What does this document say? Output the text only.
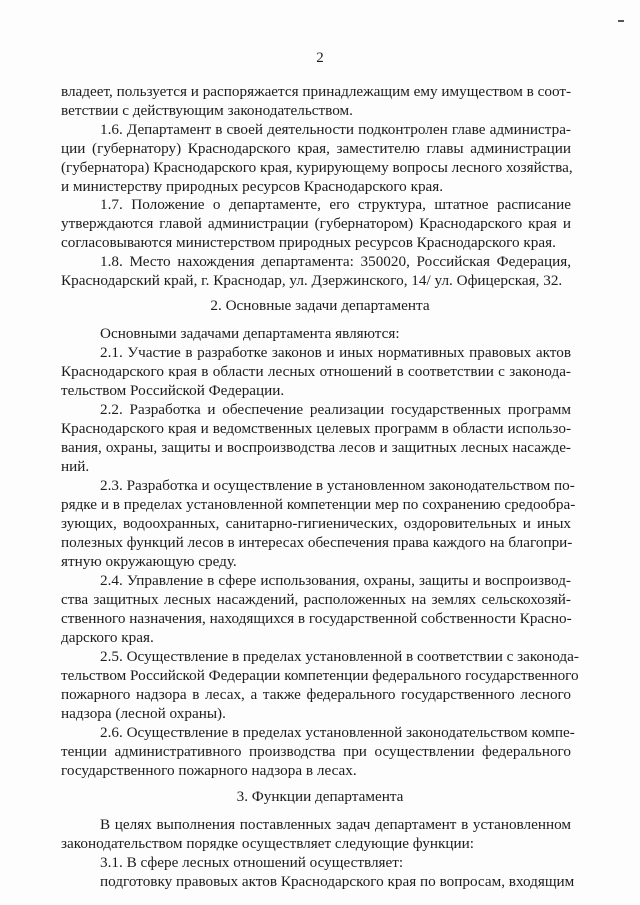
2
владеет, пользуется и распоряжается принадлежащим ему имуществом в соот-
ветствии с действующим законодательством.
1.6. Департамент в своей деятельности подконтролен главе администра-
ции (губернатору) Краснодарского края, заместителю главы администрации
(губернатора) Краснодарского края, курирующему вопросы лесного хозяйства,
и министерству природных ресурсов Краснодарского края.
1.7. Положение о департаменте, его структура, штатное расписание
утверждаются главой администрации (губернатором) Краснодарского края и
согласовываются министерством природных ресурсов Краснодарского края.
1.8. Место нахождения департамента: 350020, Российская Федерация,
Краснодарский край, г. Краснодар, ул. Дзержинского, 14/ ул. Офицерская, 32.
2. Основные задачи департамента
Основными задачами департамента являются:
2.1. Участие в разработке законов и иных нормативных правовых актов
Краснодарского края в области лесных отношений в соответствии с законода-
тельством Российской Федерации.
2.2. Разработка и обеспечение реализации государственных программ
Краснодарского края и ведомственных целевых программ в области использо-
вания, охраны, защиты и воспроизводства лесов и защитных лесных насажде-
ний.
2.3. Разработка и осуществление в установленном законодательством по-
рядке и в пределах установленной компетенции мер по сохранению средообра-
зующих, водоохранных, санитарно-гигиенических, оздоровительных и иных
полезных функций лесов в интересах обеспечения права каждого на благопри-
ятную окружающую среду.
2.4. Управление в сфере использования, охраны, защиты и воспроизвод-
ства защитных лесных насаждений, расположенных на землях сельскохозяй-
ственного назначения, находящихся в государственной собственности Красно-
дарского края.
2.5. Осуществление в пределах установленной в соответствии с законода-
тельством Российской Федерации компетенции федерального государственного
пожарного надзора в лесах, а также федерального государственного лесного
надзора (лесной охраны).
2.6. Осуществление в пределах установленной законодательством компе-
тенции административного производства при осуществлении федерального
государственного пожарного надзора в лесах.
3. Функции департамента
В целях выполнения поставленных задач департамент в установленном
законодательством порядке осуществляет следующие функции:
3.1. В сфере лесных отношений осуществляет:
подготовку правовых актов Краснодарского края по вопросам, входящим
